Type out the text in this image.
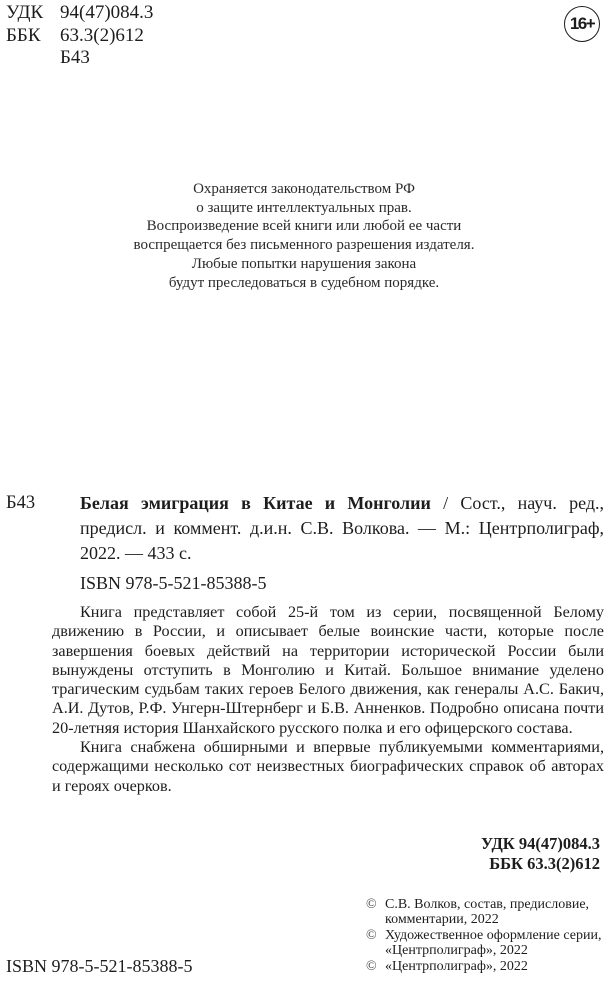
УДК 94(47)084.3
ББК	63.3(2)612
Б43
16+
Охраняется законодательством РФ
о защите интеллектуальных прав.
Воспроизведение всей книги или любой ее части
воспрещается без письменного разрешения издателя.
Любые попытки нарушения закона
будут преследоваться в судебном порядке.
Б43 Белая эмиграция в Китае и Монголии / Сост., науч. ред., предисл. и коммент. д.и.н. С.В. Волкова. — М.: Центрполиграф, 2022. — 433 с.
ISBN 978-5-521-85388-5

Книга представляет собой 25-й том из серии, посвященной Белому движению в России, и описывает белые воинские части, которые после завершения боевых действий на территории исторической России были вынуждены отступить в Монголию и Китай. Большое внимание уделено трагическим судьбам таких героев Белого движения, как генералы А.С. Бакич, А.И. Дутов, Р.Ф. Унгерн-Штернберг и Б.В. Анненков. Подробно описана почти 20-летняя история Шанхайского русского полка и его офицерского состава.

Книга снабжена обширными и впервые публикуемыми комментариями, содержащими несколько сот неизвестных биографических справок об авторах и героях очерков.

УДК 94(47)084.3
ББК 63.3(2)612
ISBN 978-5-521-85388-5
© С.В. Волков, состав, предисловие, комментарии, 2022
© Художественное оформление серии, «Центрполиграф», 2022
© «Центрполиграф», 2022
